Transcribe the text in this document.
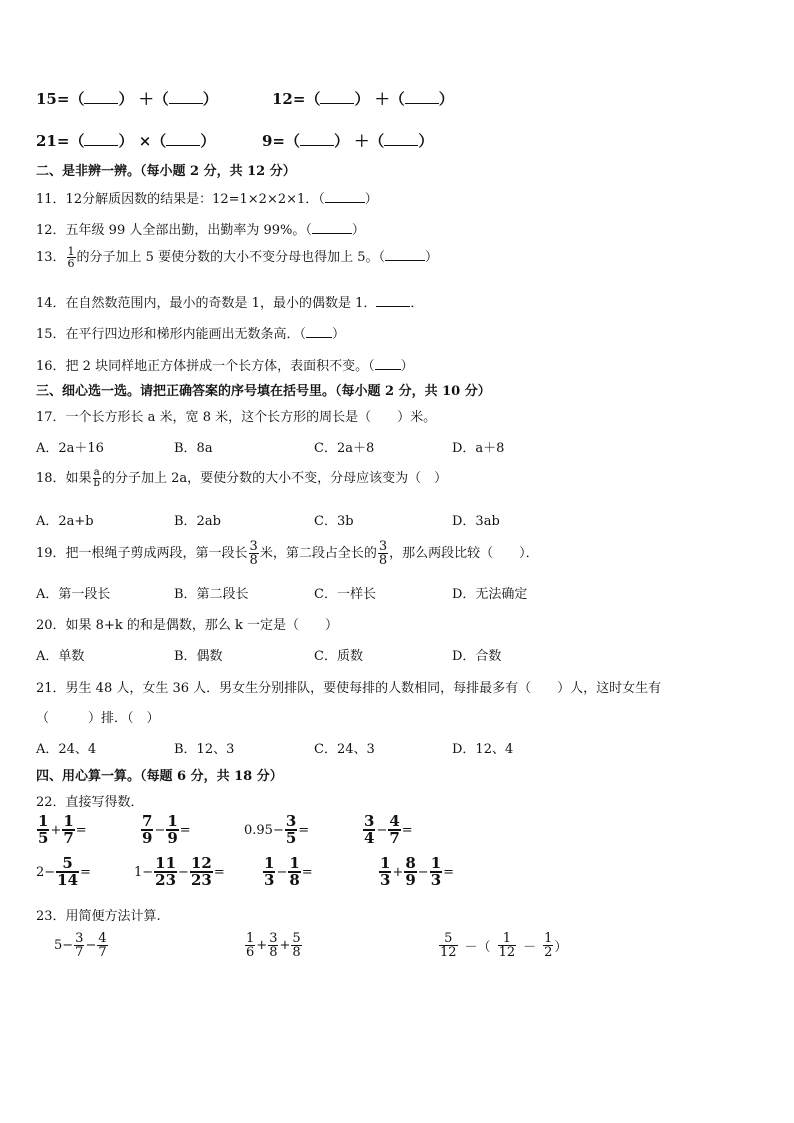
15=（ ） ＋（ ）	12=（ ） ＋（ ）
21=（ ） ×（ ）	9=（ ） ＋（ ）
二、是非辨一辨。（每小题 2 分，共 12 分）
11．12分解质因数的结果是：12=1×2×2×1．（	）
12．五年级 99 人全部出勤，出勤率为 99%。（	）
13． $\frac{1}{6}$ 的分子加上 5 要使分数的大小不变分母也得加上 5。（	）
14．在自然数范围内，最小的奇数是 1，最小的偶数是 1．	．
15．在平行四边形和梯形内能画出无数条高．（ ）
16．把 2 块同样地正方体拼成一个长方体，表面积不变。（ ）
三、细心选一选。请把正确答案的序号填在括号里。（每小题 2 分，共 10 分）
17．一个长方形长 a 米，宽 8 米，这个长方形的周长是（　　）米。
A．2a＋16	B．8a	C．2a＋8	D．a＋8
18．如果 $\frac{a}{b}$ 的分子加上 2a，要使分数的大小不变，分母应该变为（　）
A．2a+b	B．2ab	C．3b	D．3ab
19．把一根绳子剪成两段，第一段长 $\frac{3}{8}$ 米，第二段占全长的 $\frac{3}{8}$ ，那么两段比较（　　）．
A．第一段长	B．第二段长	C．一样长	D．无法确定
20．如果 8+k 的和是偶数，那么 k 一定是（　　）
A．单数	B．偶数	C．质数	D．合数
21．男生 48 人，女生 36 人．男女生分别排队，要使每排的人数相同，每排最多有（　　）人，这时女生有
（　　　）排．（　）
A．24、4	B．12、3	C．24、3	D．12、4
四、用心算一算。（每题 6 分，共 18 分）
22．直接写得数．
$\frac{1}{5} + \frac{1}{7}$ =	$\frac{7}{9} - \frac{1}{9}$ =	$0.95- \frac{3}{5}$ =	$\frac{3}{4} - \frac{4}{7}$ =
$2- \frac{5}{14}$ =	$1- \frac{11}{23} - \frac{12}{23}$ =	$\frac{1}{3} - \frac{1}{8}$ =	$\frac{1}{3} + \frac{8}{9} - \frac{1}{3}$ =
23．用简便方法计算.
$5- \frac{3}{7} - \frac{4}{7}$	$\frac{1}{6} + \frac{3}{8} + \frac{5}{8}$	$\frac{5}{12}$ －（ $\frac{1}{12} - \frac{1}{2}$ ）
